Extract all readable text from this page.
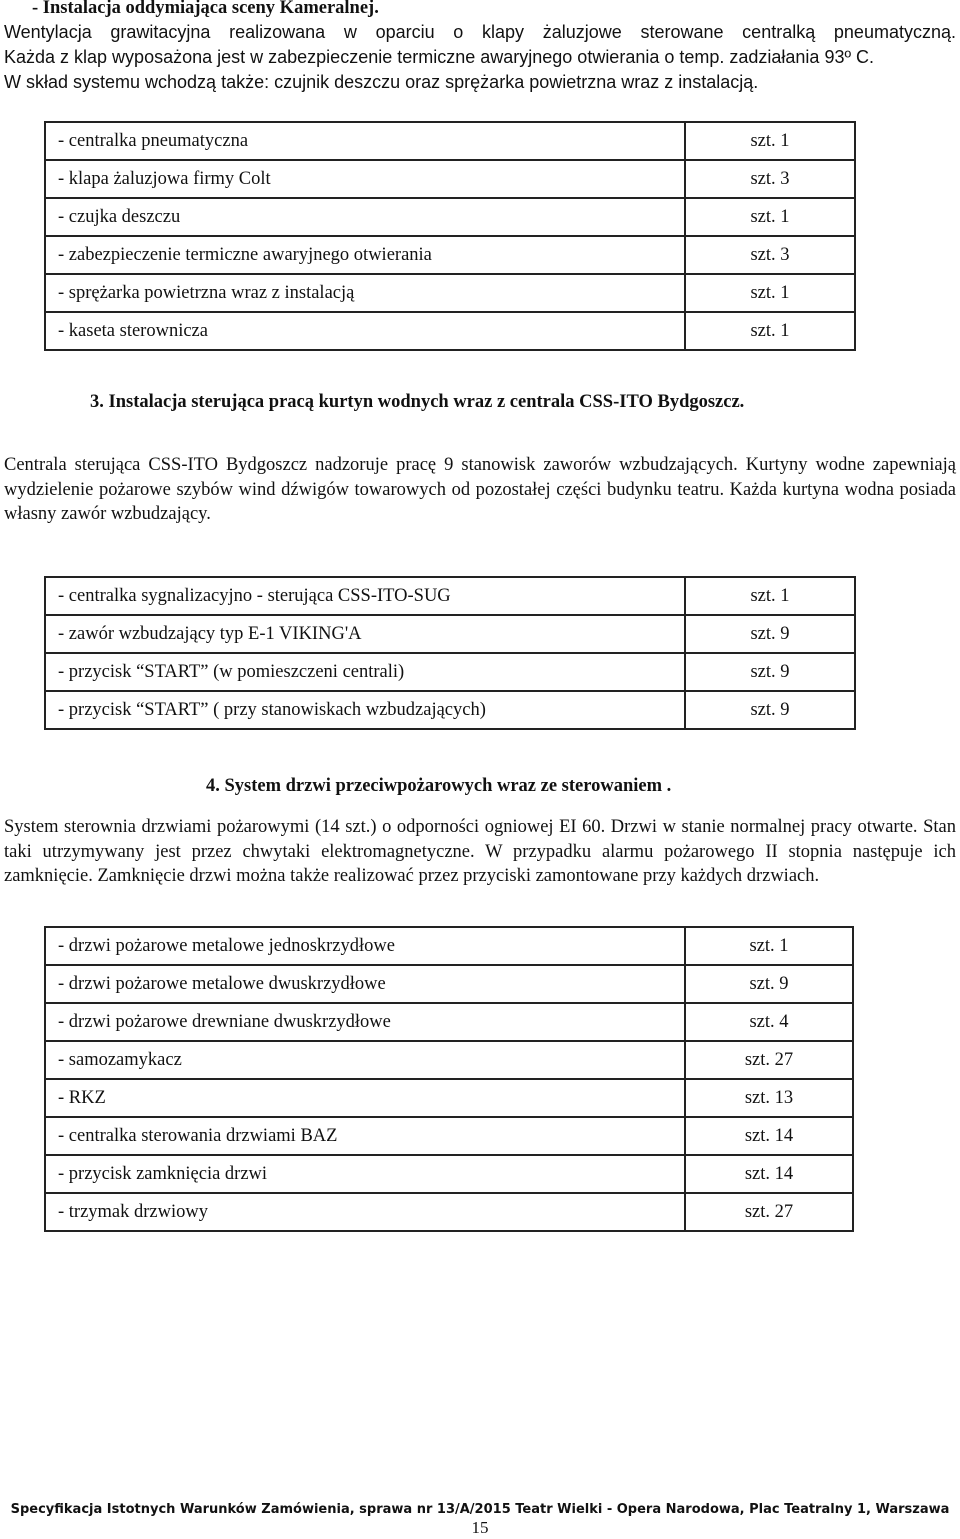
- Instalacja oddymiająca sceny Kameralnej.
Wentylacja grawitacyjna realizowana w oparciu o klapy żaluzjowe sterowane centralką pneumatyczną.
Każda z klap wyposażona jest w zabezpieczenie termiczne awaryjnego otwierania o temp. zadziałania 93º C.
W skład systemu wchodzą także: czujnik deszczu oraz sprężarka powietrzna wraz z instalacją.
- centralka pneumatyczna	szt. 1
- klapa żaluzjowa firmy Colt	szt. 3
- czujka deszczu	szt. 1
- zabezpieczenie termiczne awaryjnego otwierania	szt. 3
- sprężarka powietrzna wraz z instalacją	szt. 1
- kaseta sterownicza	szt. 1
3. Instalacja sterująca pracą kurtyn wodnych wraz z centrala CSS-ITO Bydgoszcz.
Centrala sterująca CSS-ITO Bydgoszcz nadzoruje pracę 9 stanowisk zaworów wzbudzających. Kurtyny wodne zapewniają wydzielenie pożarowe szybów wind dźwigów towarowych od pozostałej części budynku teatru. Każda kurtyna wodna posiada własny zawór wzbudzający.
- centralka sygnalizacyjno - sterująca CSS-ITO-SUG	szt. 1
- zawór wzbudzający typ E-1 VIKING'A	szt. 9
- przycisk “START” (w pomieszczeni centrali)	szt. 9
- przycisk “START” ( przy stanowiskach wzbudzających)	szt. 9
4. System drzwi przeciwpożarowych wraz ze sterowaniem .
System sterownia drzwiami pożarowymi (14 szt.) o odporności ogniowej EI 60. Drzwi w stanie normalnej pracy otwarte. Stan taki utrzymywany jest przez chwytaki elektromagnetyczne. W przypadku alarmu pożarowego II stopnia następuje ich zamknięcie. Zamknięcie drzwi można także realizować przez przyciski zamontowane przy każdych drzwiach.
- drzwi pożarowe metalowe jednoskrzydłowe	szt. 1
- drzwi pożarowe metalowe dwuskrzydłowe	szt. 9
- drzwi pożarowe drewniane dwuskrzydłowe	szt. 4
- samozamykacz	szt. 27
- RKZ	szt. 13
- centralka sterowania drzwiami BAZ	szt. 14
- przycisk zamknięcia drzwi	szt. 14
- trzymak drzwiowy	szt. 27
Specyfikacja Istotnych Warunków Zamówienia, sprawa nr 13/A/2015 Teatr Wielki - Opera Narodowa, Plac Teatralny 1, Warszawa
15
